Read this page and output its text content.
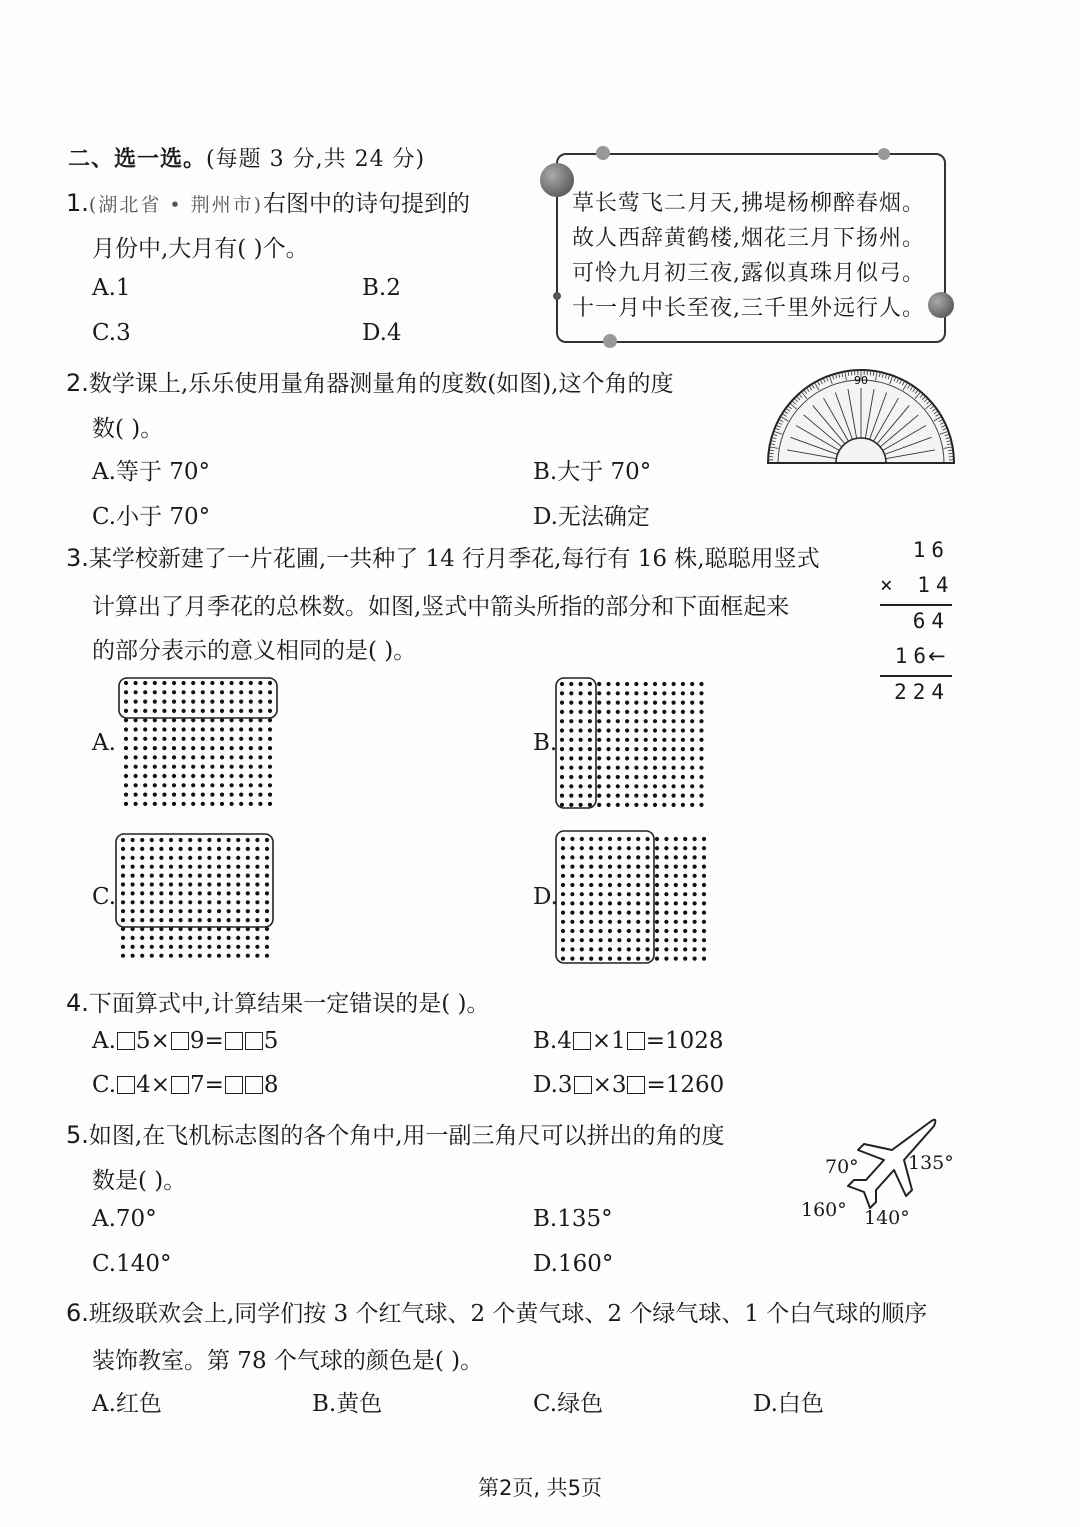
二、选一选。(每题 3 分,共 24 分)
1.(湖北省 • 荆州市)右图中的诗句提到的
月份中,大月有( )个。
A.1	B.2
C.3	D.4
草长莺飞二月天,拂堤杨柳醉春烟。
故人西辞黄鹤楼,烟花三月下扬州。
可怜九月初三夜,露似真珠月似弓。
十一月中长至夜,三千里外远行人。
2.数学课上,乐乐使用量角器测量角的度数(如图),这个角的度
数( )。
A.等于 70°	B.大于 70°
C.小于 70°	D.无法确定
90
3.某学校新建了一片花圃,一共种了 14 行月季花,每行有 16 株,聪聪用竖式
计算出了月季花的总株数。如图,竖式中箭头所指的部分和下面框起来
的部分表示的意义相同的是( )。
16
× 14
64
16
←
224
A.	B.
C.	D.
4.下面算式中,计算结果一定错误的是( )。
A. 5× 9= 5	B.4 ×1 =1028
C. 4× 7= 8	D.3 ×3 =1260
5.如图,在飞机标志图的各个角中,用一副三角尺可以拼出的角的度
数是( )。
A.70°	B.135°
C.140°	D.160°
70°	135°
160° 140°
6.班级联欢会上,同学们按 3 个红气球、2 个黄气球、2 个绿气球、1 个白气球的顺序
装饰教室。第 78 个气球的颜色是( )。
A.红色	B.黄色	C.绿色	D.白色
第2页, 共5页
